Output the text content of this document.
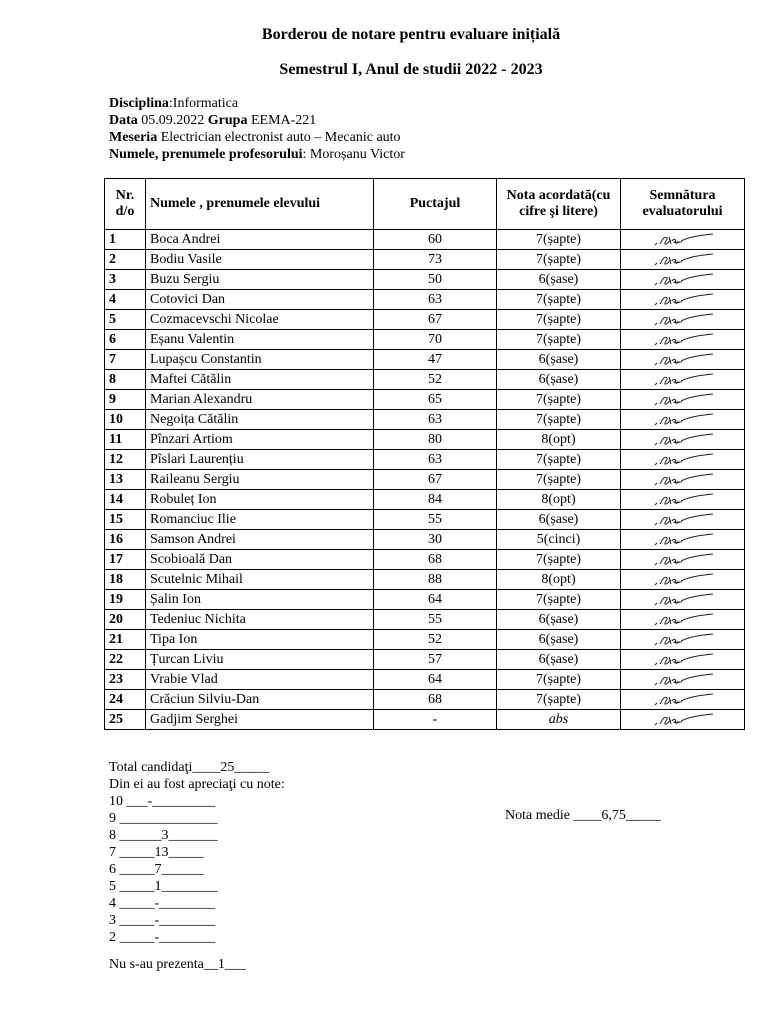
Borderou de notare pentru evaluare inițială
Semestrul I, Anul de studii 2022 - 2023
Disciplina:Informatica
Data 05.09.2022 Grupa EEMA-221
Meseria Electrician electronist auto – Mecanic auto
Numele, prenumele profesorului: Moroșanu Victor
Nr. d/o	Numele , prenumele elevului	Puctajul	Nota acordată(cu cifre şi litere)	Semnătura evaluatorului
1	Boca Andrei	60	7(șapte)	

2	Bodiu Vasile	73	7(șapte)	

3	Buzu Sergiu	50	6(șase)	

4	Cotovici Dan	63	7(șapte)	

5	Cozmacevschi Nicolae	67	7(șapte)	

6	Eșanu Valentin	70	7(șapte)	

7	Lupașcu Constantin	47	6(șase)	

8	Maftei Cătălin	52	6(șase)	

9	Marian Alexandru	65	7(șapte)	

10	Negoița Cătălin	63	7(șapte)	

11	Pînzari Artiom	80	8(opt)	

12	Pîslari Laurențiu	63	7(șapte)	

13	Raileanu Sergiu	67	7(șapte)	

14	Robuleț Ion	84	8(opt)	

15	Romanciuc Ilie	55	6(șase)	

16	Samson Andrei	30	5(cinci)	

17	Scobioală Dan	68	7(șapte)	

18	Scutelnic Mihail	88	8(opt)	

19	Șalin Ion	64	7(șapte)	

20	Tedeniuc Nichita	55	6(șase)	

21	Tipa Ion	52	6(șase)	

22	Țurcan Liviu	57	6(șase)	

23	Vrabie Vlad	64	7(șapte)	

24	Crăciun Silviu-Dan	68	7(șapte)	

25	Gadjim Serghei	-	abs	
Total candidaţi____25_____
Din ei au fost apreciaţi cu note:
10 ___-_________
9 ______________
8 ______3_______
7 _____13_____
6 _____7______
5 _____1________
4 _____-________
3 _____-________
2 _____-________
Nota medie ____6,75_____
Nu s-au prezenta__1___
